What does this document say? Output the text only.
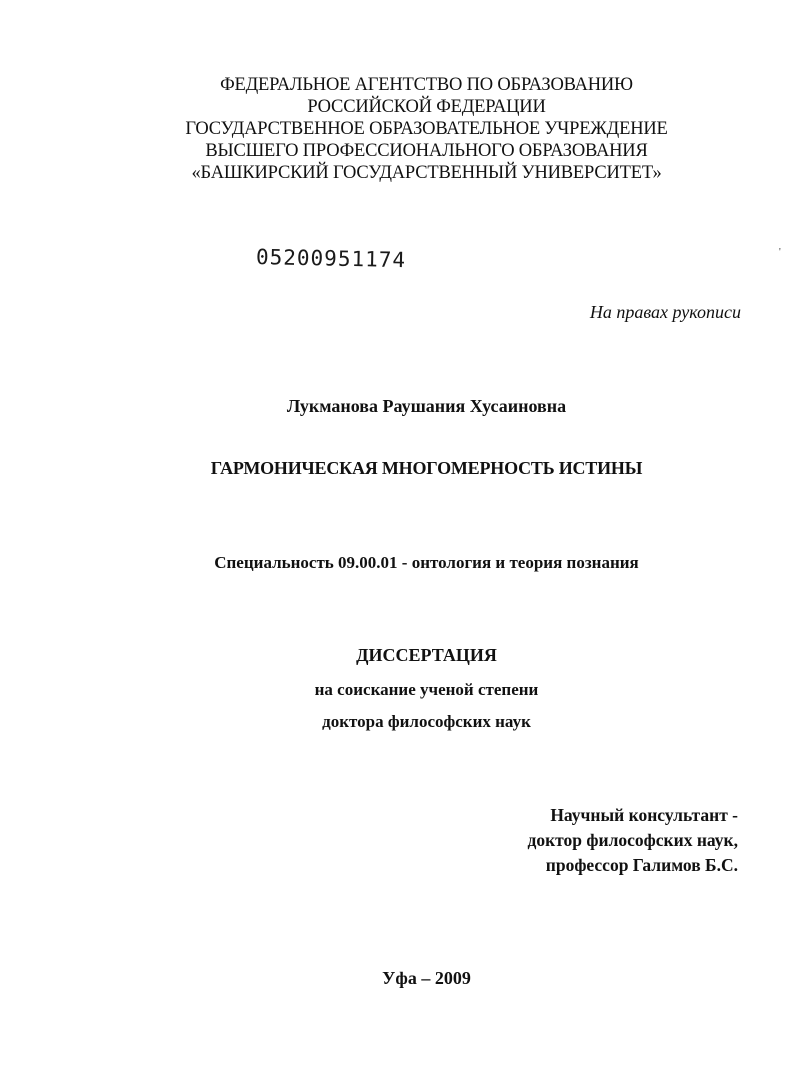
ФЕДЕРАЛЬНОЕ АГЕНТСТВО ПО ОБРАЗОВАНИЮ
РОССИЙСКОЙ ФЕДЕРАЦИИ
ГОСУДАРСТВЕННОЕ ОБРАЗОВАТЕЛЬНОЕ УЧРЕЖДЕНИЕ
ВЫСШЕГО ПРОФЕССИОНАЛЬНОГО ОБРАЗОВАНИЯ
«БАШКИРСКИЙ ГОСУДАРСТВЕННЫЙ УНИВЕРСИТЕТ»
05200951174	'
На правах рукописи
Лукманова Раушания Хусаиновна
ГАРМОНИЧЕСКАЯ МНОГОМЕРНОСТЬ ИСТИНЫ
Специальность 09.00.01 - онтология и теория познания
ДИССЕРТАЦИЯ
на соискание ученой степени
доктора философских наук
Научный консультант -
доктор философских наук,
профессор Галимов Б.С.
Уфа – 2009
